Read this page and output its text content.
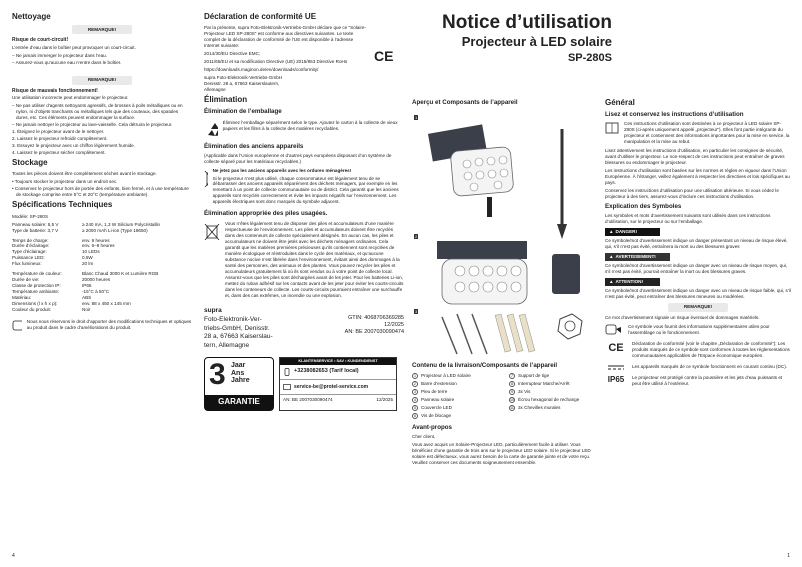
Nettoyage
REMARQUE!
Risque de court-circuit!

L’entrée d’eau dans le boîtier peut provoquer un court-circuit.

– Ne jamais immerger le projecteur dans l’eau.
– Assurez-vous qu’aucune eau n’entre dans le boîtier.
REMARQUE!
Risque de mauvais fonctionnement!

Une utilisation incorrecte peut endommager le projecteur.

– Ne pas utiliser d’agents nettoyants agressifs, de brosses à poils métalliques ou en nylon, ni d’objets tranchants ou métalliques tels que des couteaux, des spatules dures, etc. Ces éléments peuvent endommager la surface.
– Ne jamais nettoyer le projecteur au lave-vaisselle. Cela détruira le projecteur.
1. Éteignez le projecteur avant de le nettoyer.
2. Laissez le projecteur refroidir complètement.
3. Essuyez le projecteur avec un chiffon légèrement humide.
4. Laissez le projecteur sécher complètement.
Stockage

Toutes les pièces doivent être complètement sèches avant le stockage.

• Toujours stocker le projecteur dans un endroit sec.
• Conservez le projecteur hors de portée des enfants, bien fermé, et à une température de stockage comprise entre 5°C et 20°C (température ambiante).
Spécifications Techniques

Modèle: SP-280S

Panneau solaire: 5,5 V	≥ 240 mA, 1,3 W Silicium Polycristallin
Type de batterie: 3,7 V	≥ 2000 mAh Li-ion (Type 18650)
Temps de charge:	env. 8 heures
Durée d’éclairage:	env. 6–8 heures
Type d’éclairage:	10 LEDs
Puissance LED:	0,5W
Flux lumineux:	20 lm
Température de couleur:	Blanc Chaud 3000 K et Lumière RGB
Durée de vie:	20000 heures
Classe de protection IP:	IP65
Température ambiante:	-15°C à 50°C
Matériau:	ABS
Dimensions (l x h x p):	env. 88 x 450 x 145 mm
Couleur du produit:	Noir

Nous nous réservons le droit d’apporter des modifications techniques et optiques au produit dans le cadre d’améliorations du produit.

4
Déclaration de conformité UE

Par la présente, supra Foto-Elektronik-Vertriebs-GmbH déclare que ce "Solaire-Projecteur LED SP-280S" est conforme aux directives suivantes. Le texte complet de la déclaration de conformité de l’UE est disponible à l’adresse Internet suivante:

2014/30/EU Directive EMC;

2011/65/EU et sa modification Directive (UE) 2015/863 Directive RoHs	CE

https://downloads.maginon.de/en/downloads/conformity/

supra Foto-Elektronik-Vertriebs-GmbH

Denisstr. 28 a, 67663 Kaiserslautern,

Allemagne

Élimination
Élimination de l’emballage

Éliminez l’emballage séparément selon le type. Ajoutez le carton à la collecte de vieux papiers et les films à la collecte des matières recyclables.

Élimination des anciens appareils

(Applicable dans l’Union européenne et d’autres pays européens disposant d’un système de collecte séparé pour les matériaux recyclables.)

Ne jetez pas les anciens appareils avec les ordures ménagères!

Si le projecteur n’est plus utilisé, chaque consommateur est légalement tenu de se débarrasser des anciens appareils séparément des déchets ménagers, par exemple en les remettant à un point de collecte communautaire ou de district. Cela garantit que les anciens appareils sont recyclés correctement et évite les impacts négatifs sur l’environnement. Les appareils électriques sont donc marqués du symbole adjacent.

Élimination appropriée des piles usagées.

Vous n’êtes légalement tenu de disposer des piles et accumulateurs d’une manière respectueuse de l’environnement. Les piles et accumulateurs doivent être recyclés dans des conteneurs de collecte spécialement désignés. En aucun cas, les piles et accumulateurs ne doivent être jetés avec les déchets ménagers ordinaires. Cela garantit que les matières premières précieuses qu’ils contiennent sont recyclées de manière écologique et réintroduites dans le cycle des matériaux, et qu’aucune substance nocive n’est libérée dans l’environnement, évitant ainsi des dommages à la santé des personnes, des animaux et des plantes. Vous pouvez recycler les piles et accumulateurs gratuitement là où ils sont vendus ou à votre point de collecte local. Assurez-vous que les piles sont déchargées avant de les jeter. Pour les batteries Li-ion, mettez du ruban adhésif sur les contacts avant de les jeter pour éviter les courts-circuits dans les conteneurs de collecte. Les courts-circuits pourraient entraîner une surchauffe et, dans des cas extrêmes, un incendie ou une explosion.

supra
Foto-Elektronik-Ver-
triebs-GmbH, Denisstr.
28 a, 67663 Kaiserslau-
tern, Allemagne
GTIN: 4068706369285
12/2025
AN: BE 2007030090474
3 Jaar
Ans
Jahre
GARANTIE
KLANTENSERVICE • SAV • KUNDENDIENST
+3238082653 (Tarif local)
service-be@protel-service.com
AN: BE 2007030090474	12/2025
Notice d’utilisation
Projecteur à LED solaire
SP-280S
Aperçu et Composants de l’appareil
1
2
3
Contenu de la livraison/Composants de l’appareil
1	Projecteur à LED solaire	7	Support de tige
2	Barre d’extension	8	Interrupteur Marche/Arrêt
3	Pieu de terre	9	3x Vis
4	Panneau solaire	10 Écrou hexagonal de rechange
5	Couvercle LED	11 3x Chevilles murales
6	Vis de blocage
Avant-propos

Cher client,

Vous avez acquis un Solaire-Projecteur LED, particulièrement facile à utiliser. Vous bénéficiez d’une garantie de trois ans sur le projecteur LED solaire. Si le projecteur LED solaire est défectueux, vous aurez besoin de la carte de garantie jointe et de votre reçu. Veuillez conserver ces documents soigneusement ensemble.

Général
Lisez et conservez les instructions d’utilisation

Ces instructions d’utilisation sont destinées à ce projecteur à LED solaire SP-280S (ci-après uniquement appelé „projecteur“). Elles font partie intégrante du projecteur et contiennent des informations importantes pour la mise en service, la manipulation et la mise au rebut.

Lisez attentivement les instructions d’utilisation, en particulier les consignes de sécurité, avant d’utiliser le projecteur. Le non-respect de ces instructions peut entraîner de graves blessures ou endommager le projecteur.

Les instructions d’utilisation sont basées sur les normes et règles en vigueur dans l’Union Européenne. À l’étranger, veillez également à respecter les directives et lois spécifiques au pays.

Conservez les instructions d’utilisation pour une utilisation ultérieure. Si vous cédez le projecteur à des tiers, assurez-vous d’inclure ces instructions d’utilisation.

Explication des Symboles

Les symboles et mots d’avertissement suivants sont utilisés dans ces instructions d’utilisation, sur le projecteur ou sur l’emballage.

▲ DANGER!

Ce symbole/mot d’avertissement indique un danger présentant un niveau de risque élevé, qui, s’il n’est pas évité, entraînera la mort ou des blessures graves

▲ AVERTISSEMENT!

Ce symbole/mot d’avertissement indique un danger avec un niveau de risque moyen, qui, s’il n’est pas évité, pourrait entraîner la mort ou des blessures graves.

▲ ATTENTION!

Ce symbole/mot d’avertissement indique un danger avec un niveau de risque faible, qui, s’il n’est pas évité, peut entraîner des blessures mineures ou modérées.

REMARQUE!

Ce mot d’avertissement signale un risque éventuel de dommages matériels.

Ce symbole vous fournit des informations supplémentaires utiles pour l’assemblage ou le fonctionnement.

CE	Déclaration de conformité (voir le chapitre „Déclaration de conformité“): Les produits marqués de ce symbole sont conformes à toutes les réglementations communautaires applicables de l’Espace économique européen.

Les appareils marqués de ce symbole fonctionnent en courant continu (DC).

IP65	Le projecteur est protégé contre la poussière et les jets d’eau puissants et peut être utilisé à l’extérieur.

1
